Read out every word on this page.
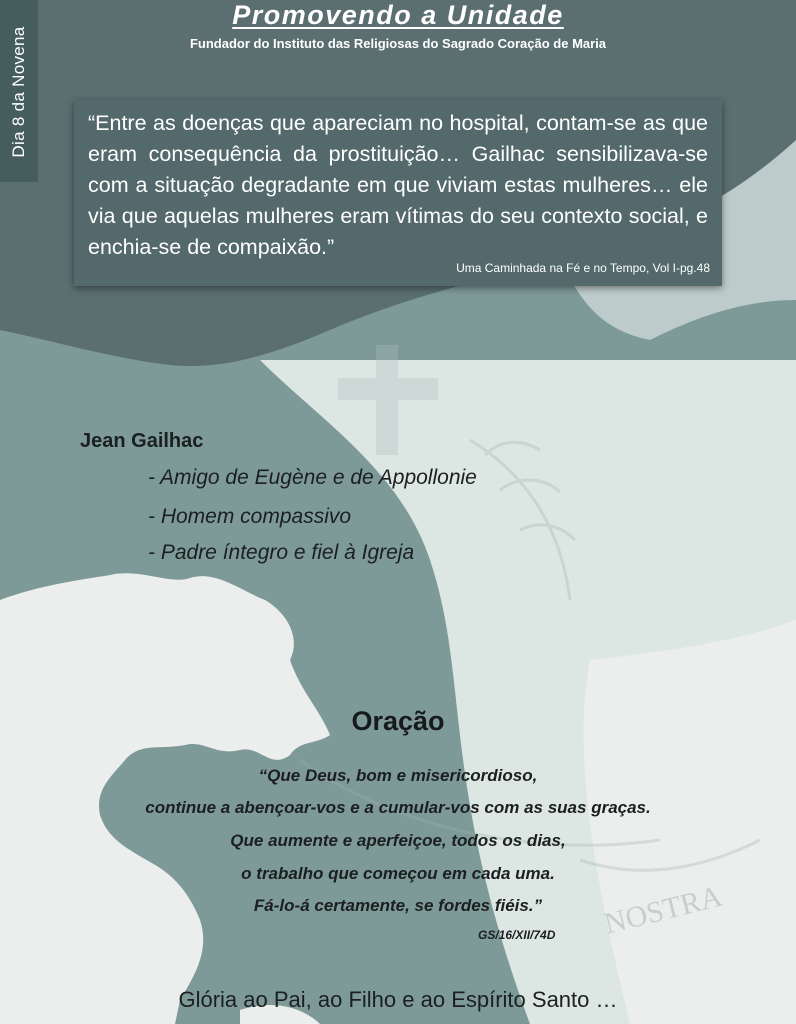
NOSTRA
Dia 8 da Novena
Promovendo a Unidade
Fundador do Instituto das Religiosas do Sagrado Coração de Maria
“Entre as doenças que apareciam no hospital, contam-se as que eram consequência da prostituição… Gailhac sensibilizava-se com a situação degradante em que viviam estas mulheres… ele via que aquelas mulheres eram vítimas do seu contexto social, e enchia-se de compaixão.”
Uma Caminhada na Fé e no Tempo, Vol I-pg.48
Jean Gailhac
- Amigo de Eugène e de Appollonie
- Homem compassivo
- Padre íntegro e fiel à Igreja
Oração
“Que Deus, bom e misericordioso,
continue a abençoar-vos e a cumular-vos com as suas graças.
Que aumente e aperfeiçoe, todos os dias,
o trabalho que começou em cada uma.
Fá-lo-á certamente, se fordes fiéis.”
GS/16/XII/74D
Glória ao Pai, ao Filho e ao Espírito Santo …
